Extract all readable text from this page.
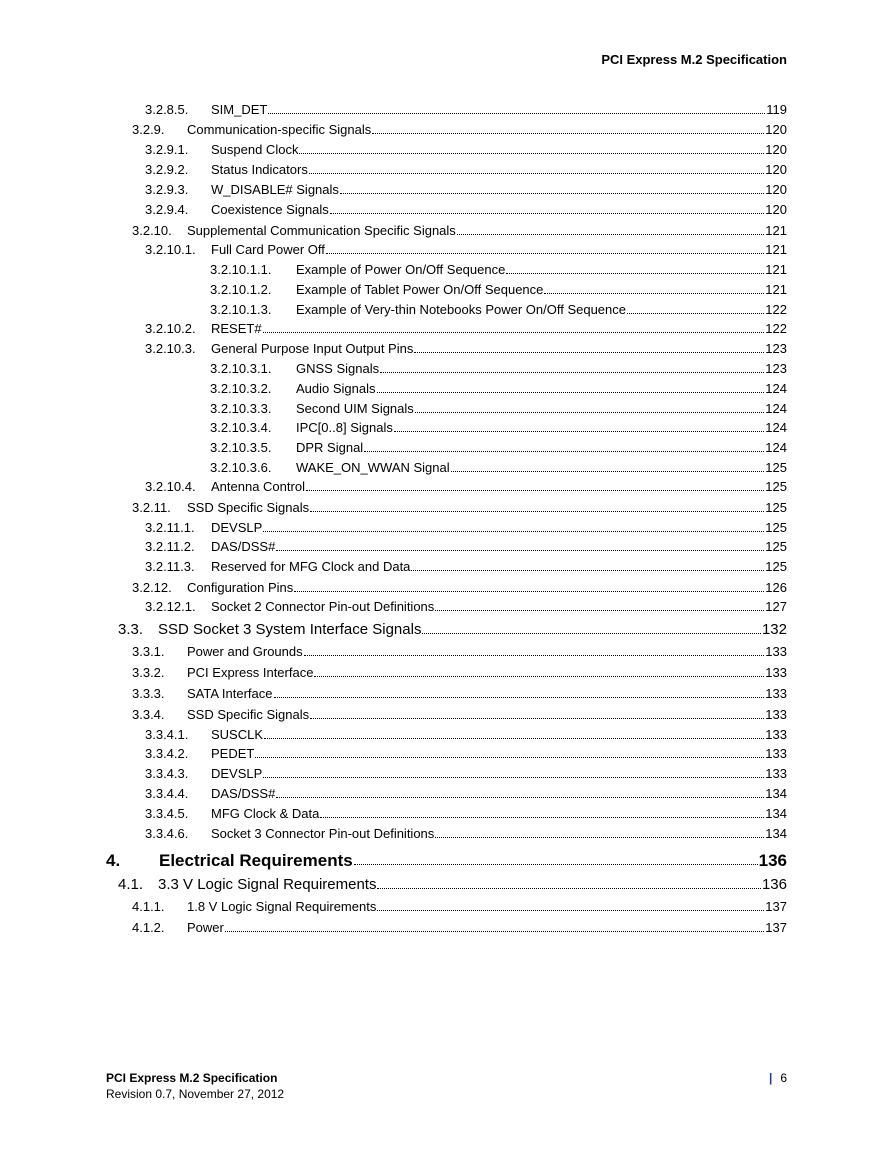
PCI Express M.2 Specification
3.2.8.5.	SIM_DET	119
3.2.9.	Communication-specific Signals	120
3.2.9.1.	Suspend Clock	120
3.2.9.2.	Status Indicators	120
3.2.9.3.	W_DISABLE# Signals	120
3.2.9.4.	Coexistence Signals	120
3.2.10.	Supplemental Communication Specific Signals	121
3.2.10.1.	Full Card Power Off	121
3.2.10.1.1.	Example of Power On/Off Sequence	121
3.2.10.1.2.	Example of Tablet Power On/Off Sequence	121
3.2.10.1.3.	Example of Very-thin Notebooks Power On/Off Sequence	122
3.2.10.2.	RESET#	122
3.2.10.3.	General Purpose Input Output Pins	123
3.2.10.3.1.	GNSS Signals	123
3.2.10.3.2.	Audio Signals	124
3.2.10.3.3.	Second UIM Signals	124
3.2.10.3.4.	IPC[0..8] Signals	124
3.2.10.3.5.	DPR Signal	124
3.2.10.3.6.	WAKE_ON_WWAN Signal	125
3.2.10.4.	Antenna Control	125
3.2.11.	SSD Specific Signals	125
3.2.11.1.	DEVSLP	125
3.2.11.2.	DAS/DSS#	125
3.2.11.3.	Reserved for MFG Clock and Data	125
3.2.12.	Configuration Pins	126
3.2.12.1.	Socket 2 Connector Pin-out Definitions	127
3.3. SSD Socket 3 System Interface Signals	132
3.3.1.	Power and Grounds	133
3.3.2.	PCI Express Interface	133
3.3.3.	SATA Interface	133
3.3.4.	SSD Specific Signals	133
3.3.4.1.	SUSCLK	133
3.3.4.2.	PEDET	133
3.3.4.3.	DEVSLP	133
3.3.4.4.	DAS/DSS#	134
3.3.4.5.	MFG Clock & Data	134
3.3.4.6.	Socket 3 Connector Pin-out Definitions	134
4.	Electrical Requirements	136
4.1. 3.3 V Logic Signal Requirements	136
4.1.1.	1.8 V Logic Signal Requirements	137
4.1.2.	Power	137
PCI Express M.2 Specification
Revision 0.7, November 27, 2012
| 6
